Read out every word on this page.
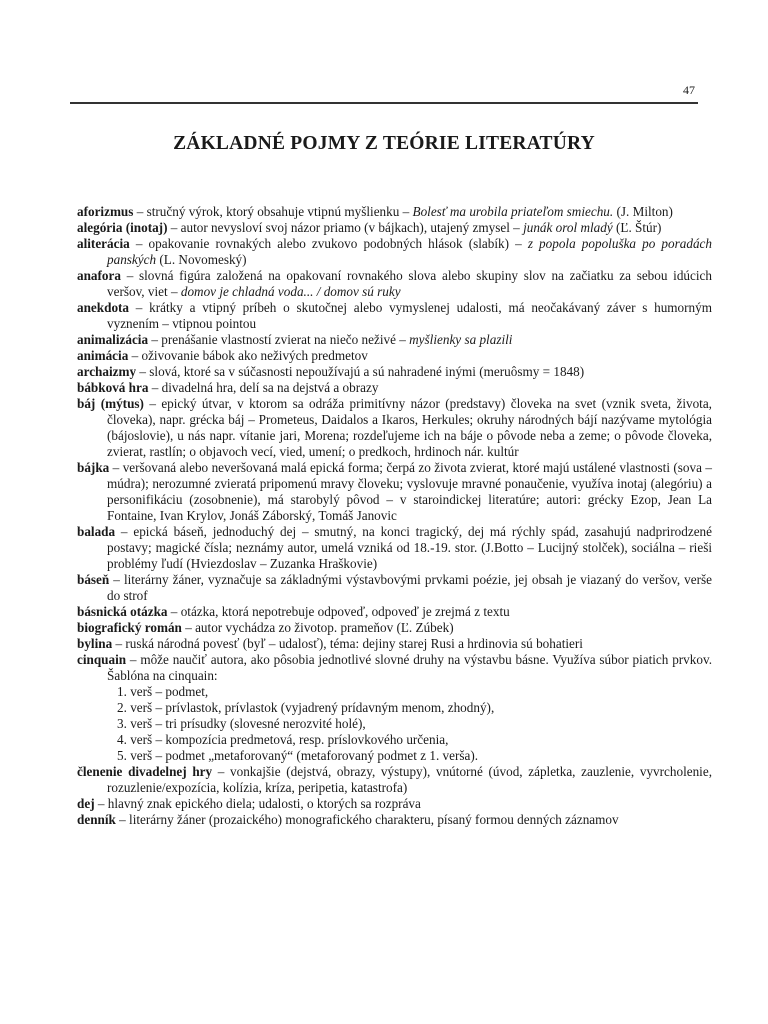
47
ZÁKLADNÉ POJMY Z TEÓRIE LITERATÚRY

aforizmus – stručný výrok, ktorý obsahuje vtipnú myšlienku – Bolesť ma urobila priateľom smiechu. (J. Milton)

alegória (inotaj) – autor nevysloví svoj názor priamo (v bájkach), utajený zmysel – junák orol mladý (Ľ. Štúr)

aliterácia – opakovanie rovnakých alebo zvukovo podobných hlások (slabík) – z popola popoluška po poradách panských (L. Novomeský)

anafora – slovná figúra založená na opakovaní rovnakého slova alebo skupiny slov na začiatku za sebou idúcich veršov, viet – domov je chladná voda... / domov sú ruky

anekdota – krátky a vtipný príbeh o skutočnej alebo vymyslenej udalosti, má neočakávaný záver s humorným vyznením – vtipnou pointou

animalizácia – prenášanie vlastností zvierat na niečo neživé – myšlienky sa plazili

animácia – oživovanie bábok ako neživých predmetov

archaizmy – slová, ktoré sa v súčasnosti nepoužívajú a sú nahradené inými (meruôsmy = 1848)

bábková hra – divadelná hra, delí sa na dejstvá a obrazy

báj (mýtus) – epický útvar, v ktorom sa odráža primitívny názor (predstavy) človeka na svet (vznik sveta, života, človeka), napr. grécka báj – Prometeus, Daidalos a Ikaros, Herkules; okruhy národných bájí nazývame mytológia (bájoslovie), u nás napr. vítanie jari, Morena; rozdeľujeme ich na báje o pôvode neba a zeme; o pôvode človeka, zvierat, rastlín; o objavoch vecí, vied, umení; o predkoch, hrdinoch nár. kultúr

bájka – veršovaná alebo neveršovaná malá epická forma; čerpá zo života zvierat, ktoré majú ustálené vlastnosti (sova – múdra); nerozumné zvieratá pripomenú mravy človeku; vyslovuje mravné ponaučenie, využíva inotaj (alegóriu) a personifikáciu (zosobnenie), má starobylý pôvod – v staroindickej literatúre; autori: grécky Ezop, Jean La Fontaine, Ivan Krylov, Jonáš Záborský, Tomáš Janovic

balada – epická báseň, jednoduchý dej – smutný, na konci tragický, dej má rýchly spád, zasahujú nadprirodzené postavy; magické čísla; neznámy autor, umelá vzniká od 18.-19. stor. (J.Botto – Lucijný stolček), sociálna – rieši problémy ľudí (Hviezdoslav – Zuzanka Hraškovie)

báseň – literárny žáner, vyznačuje sa základnými výstavbovými prvkami poézie, jej obsah je viazaný do veršov, verše do strof

básnická otázka – otázka, ktorá nepotrebuje odpoveď, odpoveď je zrejmá z textu

biografický román – autor vychádza zo životop. prameňov (Ľ. Zúbek)

bylina – ruská národná povesť (byľ – udalosť), téma: dejiny starej Rusi a hrdinovia sú bohatieri

cinquain – môže naučiť autora, ako pôsobia jednotlivé slovné druhy na výstavbu básne. Využíva súbor piatich prvkov. Šablóna na cinquain:
1. verš – podmet,
2. verš – prívlastok, prívlastok (vyjadrený prídavným menom, zhodný),
3. verš – tri prísudky (slovesné nerozvité holé),
4. verš – kompozícia predmetová, resp. príslovkového určenia,
5. verš – podmet „metaforovaný“ (metaforovaný podmet z 1. verša).

členenie divadelnej hry – vonkajšie (dejstvá, obrazy, výstupy), vnútorné (úvod, zápletka, zauzlenie, vyvrcholenie, rozuzlenie/expozícia, kolízia, kríza, peripetia, katastrofa)

dej – hlavný znak epického diela; udalosti, o ktorých sa rozpráva

denník – literárny žáner (prozaického) monografického charakteru, písaný formou denných záznamov
